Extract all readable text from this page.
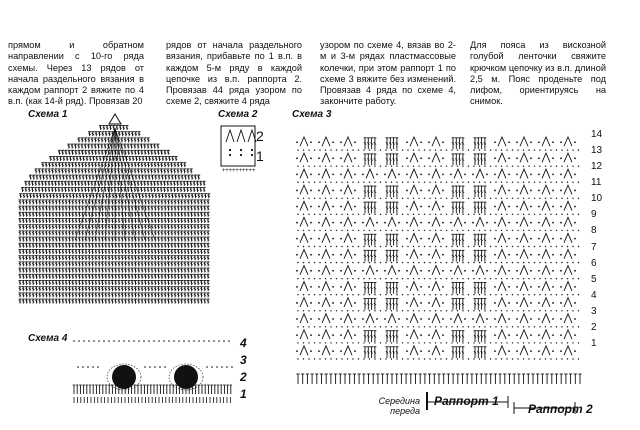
прямом и обратном направлении с 10-го ряда схемы. Через 13 рядов от начала раздельного вязания в каждом раппорт 2 вяжите по 4 в.п. (как 14-й ряд). Провязав 20

рядов от начала раздельного вязания, прибавьте по 1 в.п. в каждом 5-м ряду в каждой цепочке из в.п. раппорта 2. Провязав 44 ряда узором по схеме 2, свяжите 4 ряда

узором по схеме 4, вязав во 2-м и 3-м рядах пластмассовые колечки, при этом раппорт 1 по схеме 3 вяжите без изменений. Провязав 4 ряда по схеме 4, закончите работу.

Для пояса из вискозной голубой ленточки свяжите крючком цепочку из в.п. длиной 2,5 м. Пояс проденьте под лифом, ориентируясь на снимок.

Схема 1	Схема 2	Схема 3
Схема 4
2
1
14
13
12
11
10
9
8
7
6
5
4
3
2
1
4
3
2
1	Середина переда
Раппорт 1
Раппорт 2
+ + + + + + + + + +
